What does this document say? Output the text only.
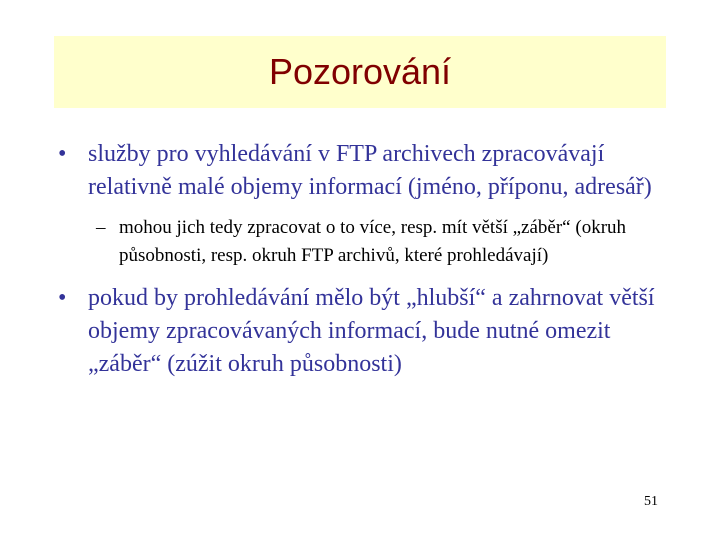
Pozorování
• služby pro vyhledávání v FTP archivech zpracovávají relativně malé objemy informací (jméno, příponu, adresář)
– mohou jich tedy zpracovat o to více, resp. mít větší „záběr“ (okruh působnosti, resp. okruh FTP archivů, které prohledávají)
• pokud by prohledávání mělo být „hlubší“ a zahrnovat větší objemy zpracovávaných informací, bude nutné omezit „záběr“ (zúžit okruh působnosti)
51
